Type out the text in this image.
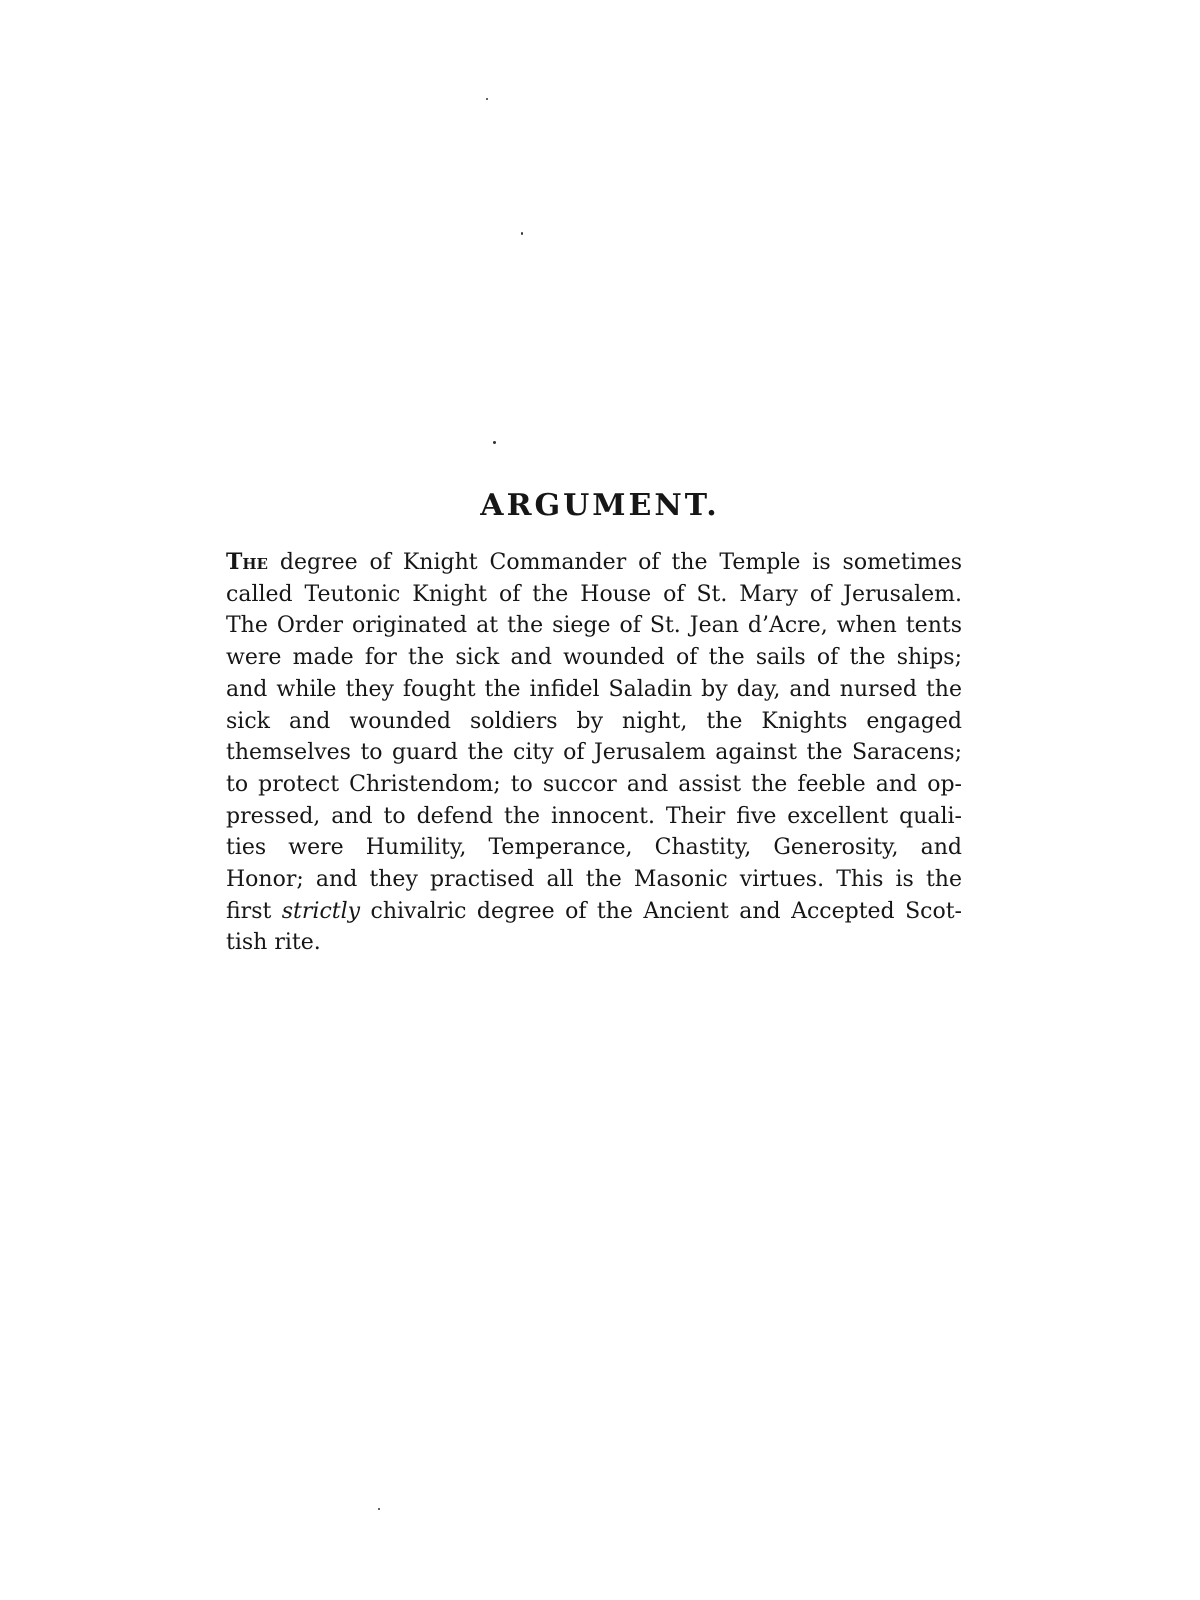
ARGUMENT.
The degree of Knight Commander of the Temple is sometimes
called Teutonic Knight of the House of St. Mary of Jerusalem.
The Order originated at the siege of St. Jean d’Acre, when tents
were made for the sick and wounded of the sails of the ships;
and while they fought the infidel Saladin by day, and nursed the
sick and wounded soldiers by night, the Knights engaged
themselves to guard the city of Jerusalem against the Saracens;
to protect Christendom; to succor and assist the feeble and op-
pressed, and to defend the innocent. Their five excellent quali-
ties were Humility, Temperance, Chastity, Generosity, and
Honor; and they practised all the Masonic virtues. This is the
first strictly chivalric degree of the Ancient and Accepted Scot-
tish rite.
